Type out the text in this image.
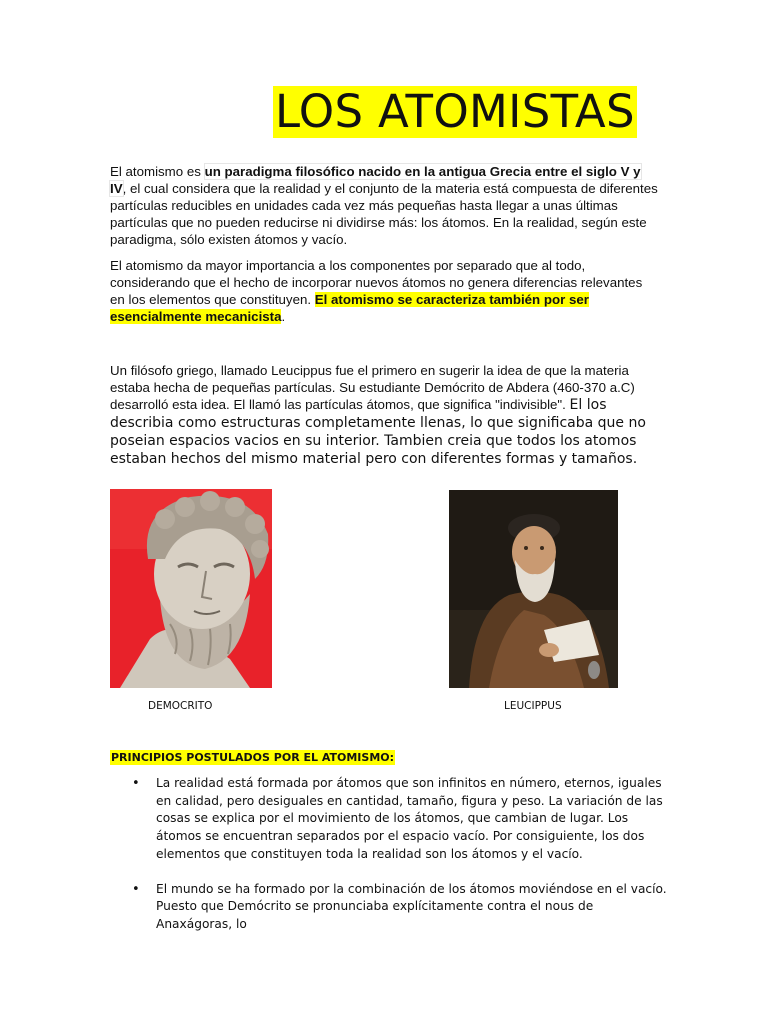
LOS ATOMISTAS

El atomismo es un paradigma filosófico nacido en la antigua Grecia entre el siglo V y IV, el cual considera que la realidad y el conjunto de la materia está compuesta de diferentes partículas reducibles en unidades cada vez más pequeñas hasta llegar a unas últimas partículas que no pueden reducirse ni dividirse más: los átomos. En la realidad, según este paradigma, sólo existen átomos y vacío.

El atomismo da mayor importancia a los componentes por separado que al todo, considerando que el hecho de incorporar nuevos átomos no genera diferencias relevantes en los elementos que constituyen. El atomismo se caracteriza también por ser esencialmente mecanicista.

Un filósofo griego, llamado Leucippus fue el primero en sugerir la idea de que la materia estaba hecha de pequeñas partículas. Su estudiante Demócrito de Abdera (460-370 a.C) desarrolló esta idea. El llamó las partículas átomos, que significa "indivisible". El los describia como estructuras completamente llenas, lo que significaba que no poseian espacios vacios en su interior. Tambien creia que todos los atomos estaban hechos del mismo material pero con diferentes formas y tamaños.

DEMOCRITO	LEUCIPPUS
PRINCIPIOS POSTULADOS POR EL ATOMISMO:
• La realidad está formada por átomos que son infinitos en número, eternos, iguales en calidad, pero desiguales en cantidad, tamaño, figura y peso. La variación de las cosas se explica por el movimiento de los átomos, que cambian de lugar. Los átomos se encuentran separados por el espacio vacío. Por consiguiente, los dos elementos que constituyen toda la realidad son los átomos y el vacío.
• El mundo se ha formado por la combinación de los átomos moviéndose en el vacío. Puesto que Demócrito se pronunciaba explícitamente contra el nous de Anaxágoras, lo
